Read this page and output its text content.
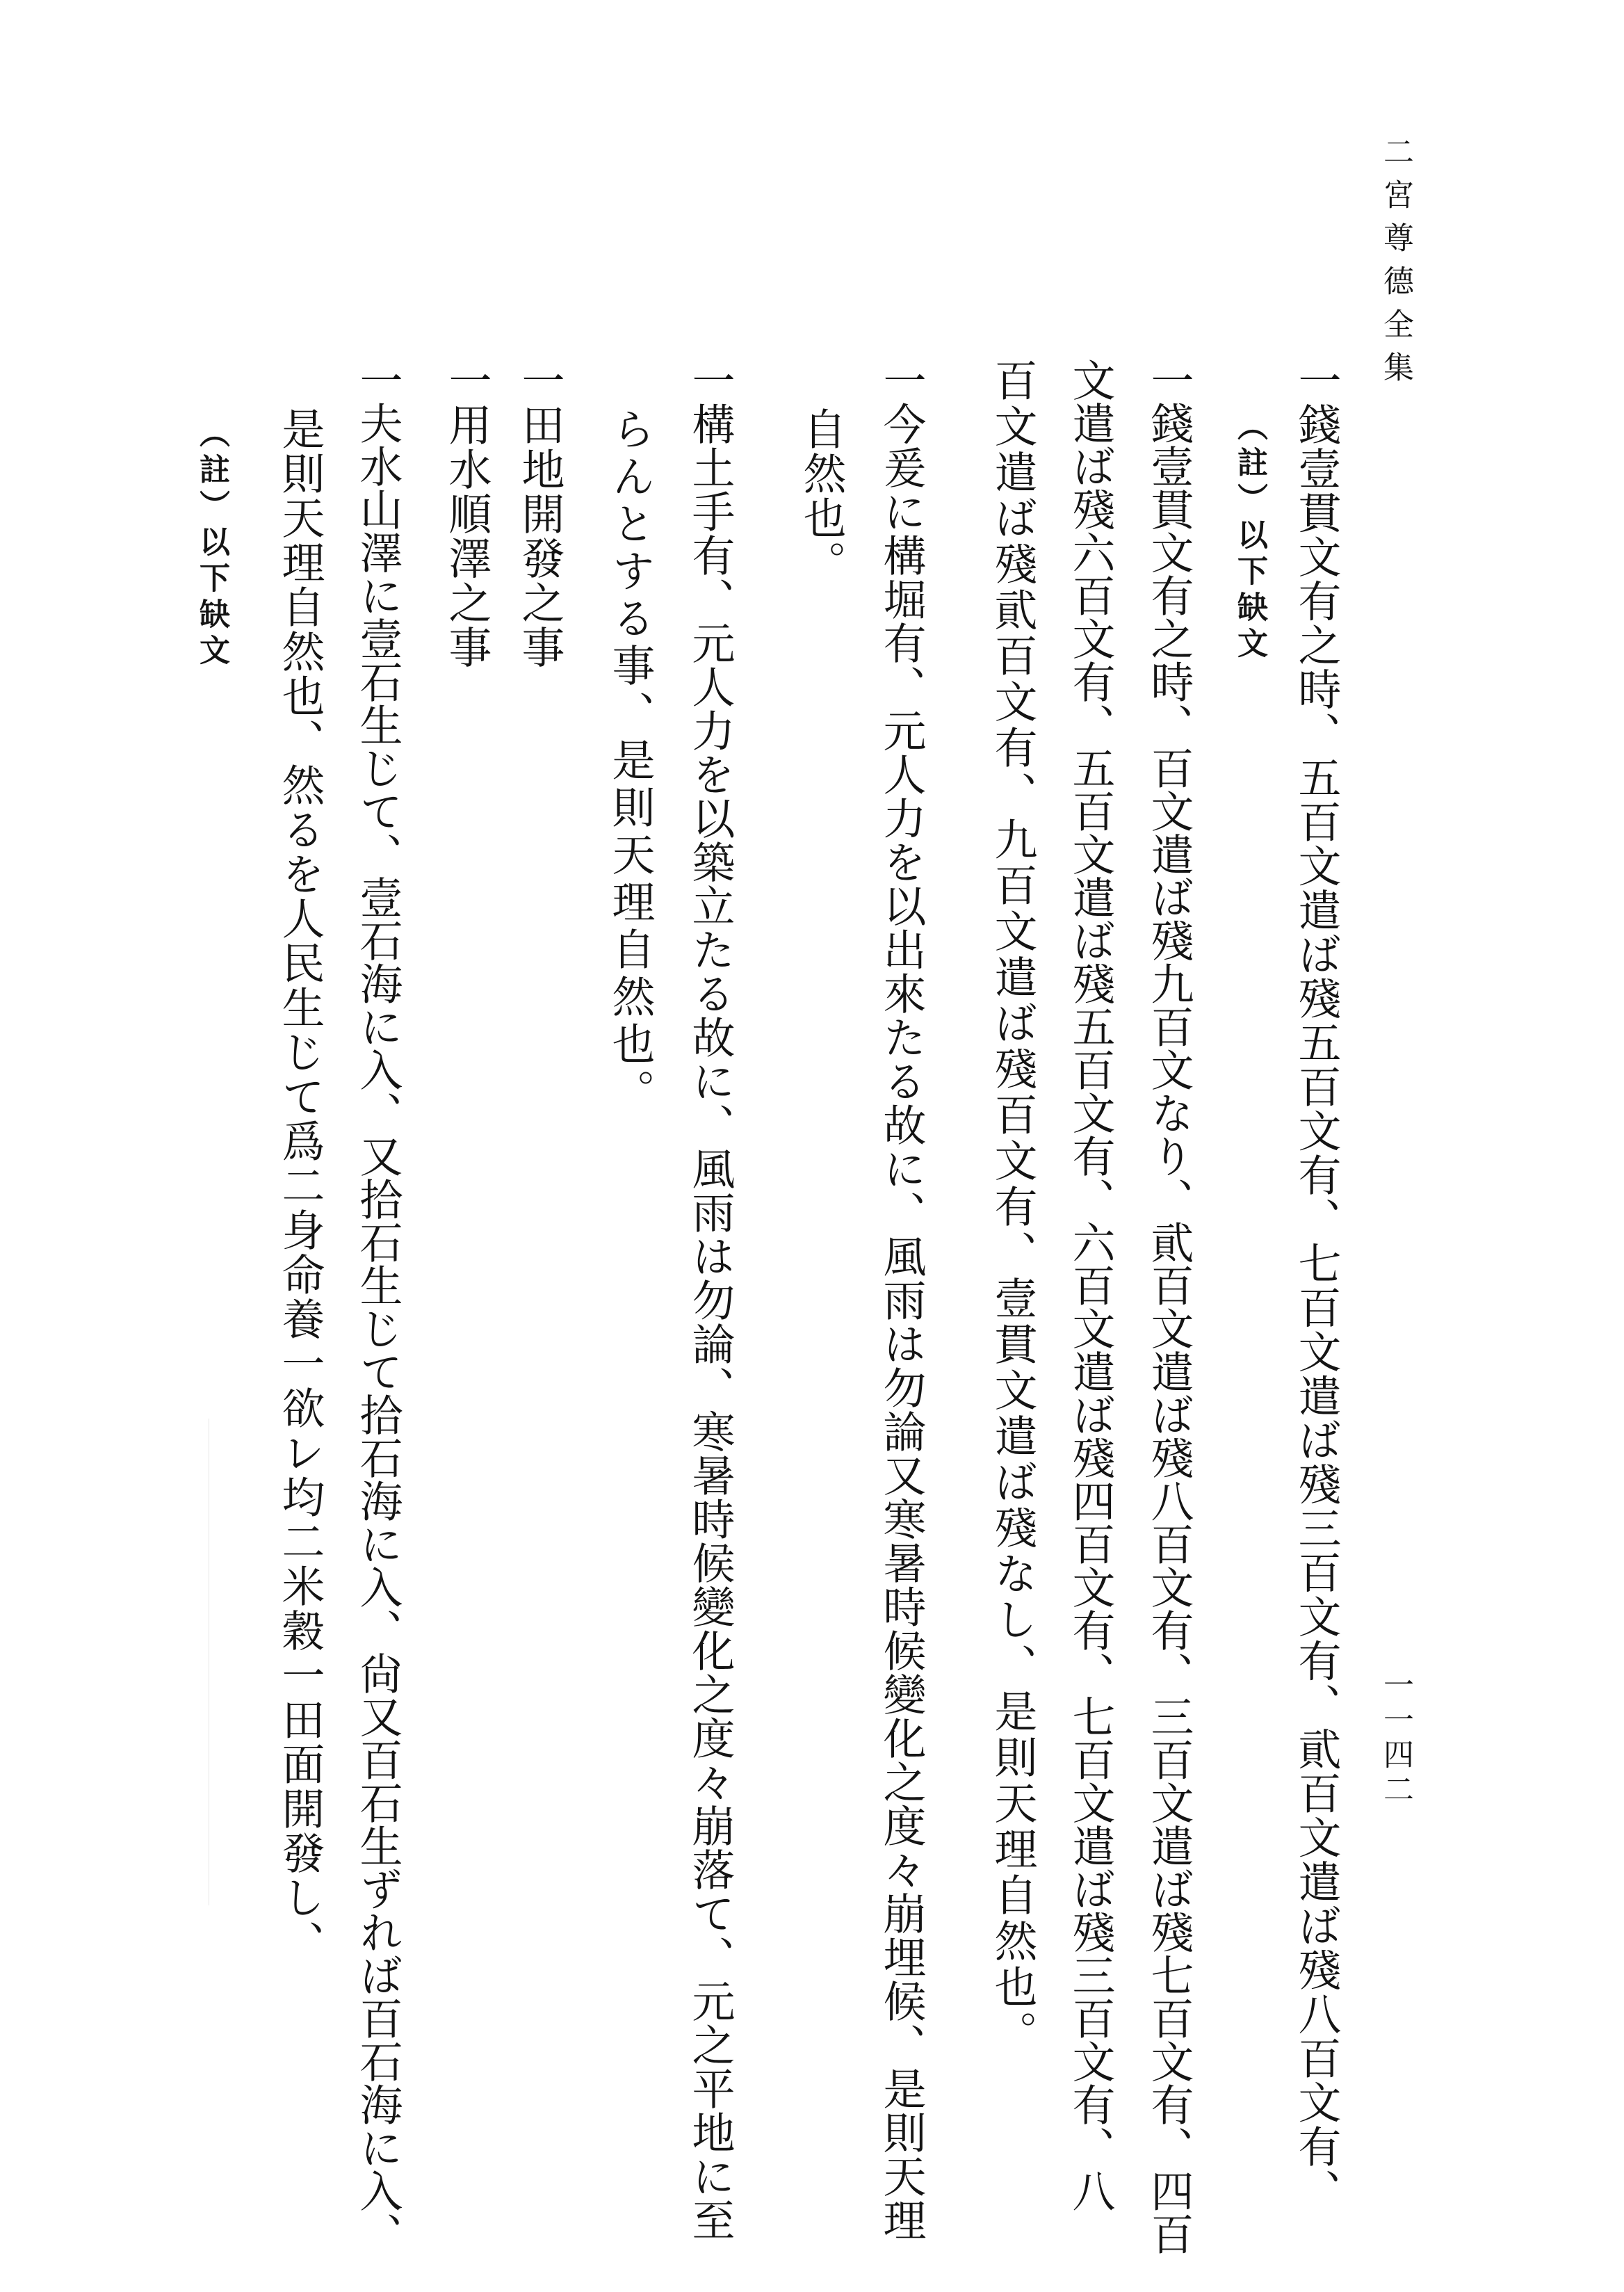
二宮尊德全集
一一四二
一錢壹貫文有之時、五百文遣ば殘五百文有、七百文遣ば殘三百文有、貮百文遣ば殘八百文有、
（註）以下缺文
一錢壹貫文有之時、百文遣ば殘九百文なり、貮百文遣ば殘八百文有、三百文遣ば殘七百文有、四百
文遣ば殘六百文有、五百文遣ば殘五百文有、六百文遣ば殘四百文有、七百文遣ば殘三百文有、八
百文遣ば殘貮百文有、九百文遣ば殘百文有、壹貫文遣ば殘なし、是則天理自然也。
一今爰に構堀有、元人力を以出來たる故に、風雨は勿論又寒暑時候變化之度々崩埋候、是則天理
自然也。
一構土手有、元人力を以築立たる故に、風雨は勿論、寒暑時候變化之度々崩落て、元之平地に至
らんとする事、是則天理自然也。
一田地開發之事
一用水順澤之事
一夫水山澤に壹石生じて、壹石海に入、又拾石生じて拾石海に入、尙又百石生ずれば百石海に入、
是則天理自然也、然るを人民生じて爲二身命養一欲レ均二米穀一田面開發し、
（註）以下缺文
